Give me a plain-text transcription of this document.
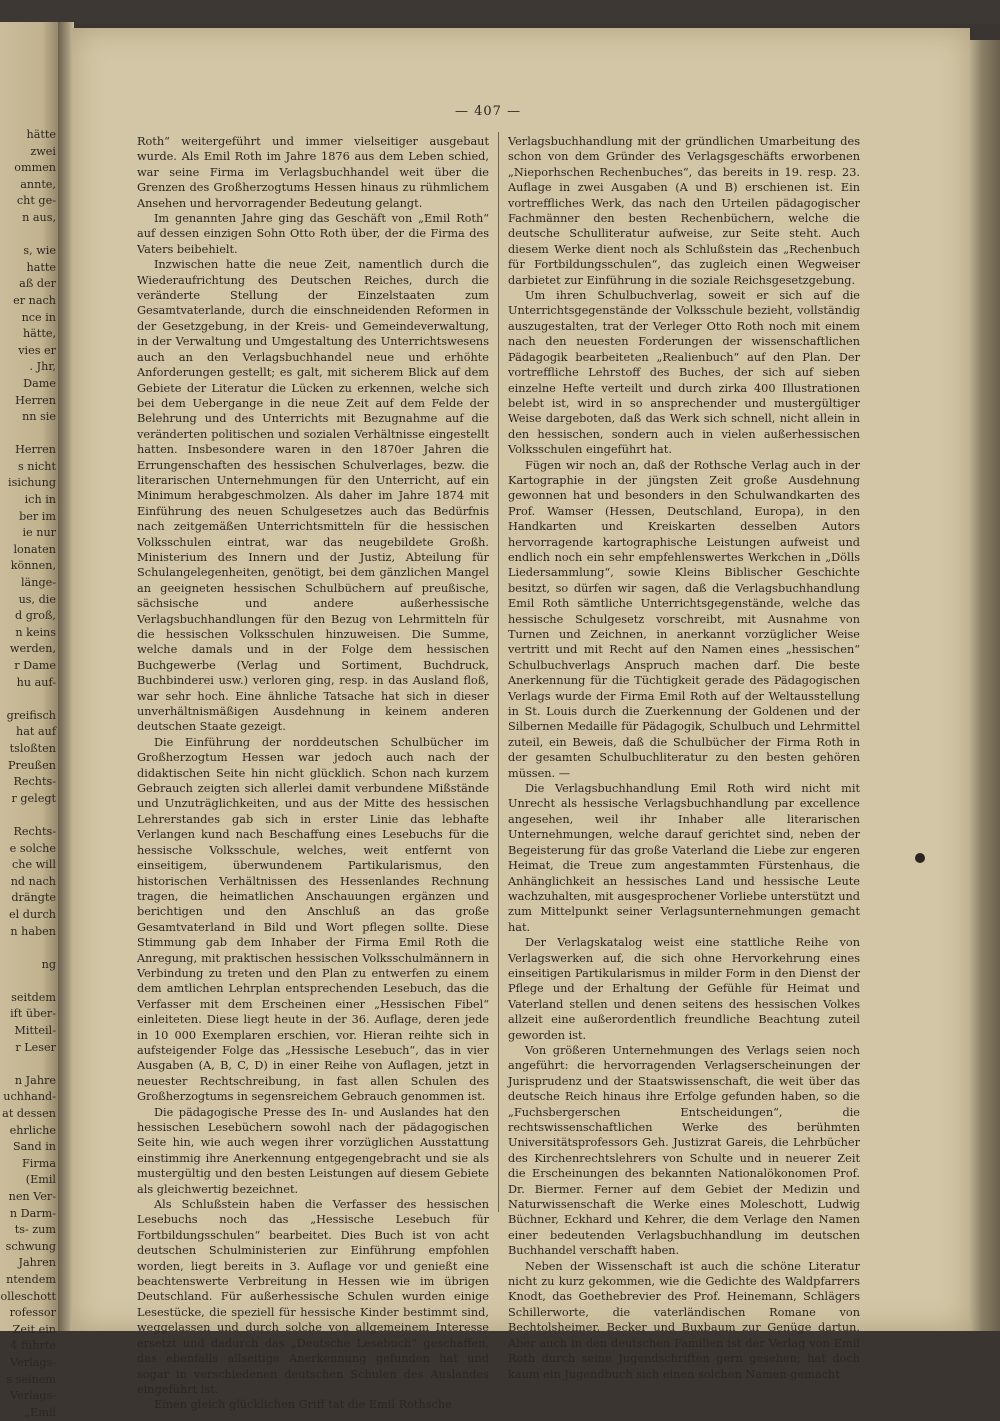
hätte
zwei
ommen
annte,
cht ge-
n aus,
s, wie
hatte
aß der
er nach
nce in
hätte,
vies er
. Jhr,
Dame
Herren
nn sie
Herren
s nicht
isichung
ich in
ber im
ie nur
lonaten
können,
länge-
us, die
d groß,
n keins
werden,
r Dame
hu auf-
greifisch
hat auf
tsloßten
Preußen
Rechts-
r gelegt
Rechts-
e solche
che will
nd nach
drängte
el durch
n haben
ng
seitdem
ift über-
Mitteil-
r Leser
n Jahre
uchhand-
at dessen
ehrliche
Sand in
Firma
(Emil
nen Ver-
n Darm-
ts- zum
schwung
Jahren
ntendem
olleschott
rofessor
Zeit ein
4 führte
Verlags-
s seinem
Verlags-
„Emil
— 407 —

Roth“ weitergeführt und immer vielseitiger ausgebaut wurde. Als Emil Roth im Jahre 1876 aus dem Leben schied, war seine Firma im Verlagsbuchhandel weit über die Grenzen des Großherzogtums Hessen hinaus zu rühmlichem Ansehen und hervorragender Bedeutung gelangt.

Im genannten Jahre ging das Geschäft von „Emil Roth“ auf dessen einzigen Sohn Otto Roth über, der die Firma des Vaters beibehielt.

Inzwischen hatte die neue Zeit, namentlich durch die Wiederaufrichtung des Deutschen Reiches, durch die veränderte Stellung der Einzelstaaten zum Gesamtvaterlande, durch die einschneidenden Reformen in der Gesetzgebung, in der Kreis- und Gemeindeverwaltung, in der Verwaltung und Umgestaltung des Unterrichtswesens auch an den Verlagsbuchhandel neue und erhöhte Anforderungen gestellt; es galt, mit sicherem Blick auf dem Gebiete der Literatur die Lücken zu erkennen, welche sich bei dem Uebergange in die neue Zeit auf dem Felde der Belehrung und des Unterrichts mit Bezugnahme auf die veränderten politischen und sozialen Verhältnisse eingestellt hatten. Insbesondere waren in den 1870er Jahren die Errungenschaften des hessischen Schulverlages, bezw. die literarischen Unternehmungen für den Unterricht, auf ein Minimum herabgeschmolzen. Als daher im Jahre 1874 mit Einführung des neuen Schulgesetzes auch das Bedürfnis nach zeitgemäßen Unterrichtsmitteln für die hessischen Volksschulen eintrat, war das neugebildete Großh. Ministerium des Innern und der Justiz, Abteilung für Schulangelegenheiten, genötigt, bei dem gänzlichen Mangel an geeigneten hessischen Schulbüchern auf preußische, sächsische und andere außerhessische Verlagsbuchhandlungen für den Bezug von Lehrmitteln für die hessischen Volksschulen hinzuweisen. Die Summe, welche damals und in der Folge dem hessischen Buchgewerbe (Verlag und Sortiment, Buchdruck, Buchbinderei usw.) verloren ging, resp. in das Ausland floß, war sehr hoch. Eine ähnliche Tatsache hat sich in dieser unverhältnismäßigen Ausdehnung in keinem anderen deutschen Staate gezeigt.

Die Einführung der norddeutschen Schulbücher im Großherzogtum Hessen war jedoch auch nach der didaktischen Seite hin nicht glücklich. Schon nach kurzem Gebrauch zeigten sich allerlei damit verbundene Mißstände und Unzuträglichkeiten, und aus der Mitte des hessischen Lehrerstandes gab sich in erster Linie das lebhafte Verlangen kund nach Beschaffung eines Lesebuchs für die hessische Volksschule, welches, weit entfernt von einseitigem, überwundenem Partikularismus, den historischen Verhältnissen des Hessenlandes Rechnung tragen, die heimatlichen Anschauungen ergänzen und berichtigen und den Anschluß an das große Gesamtvaterland in Bild und Wort pflegen sollte. Diese Stimmung gab dem Inhaber der Firma Emil Roth die Anregung, mit praktischen hessischen Volksschulmännern in Verbindung zu treten und den Plan zu entwerfen zu einem dem amtlichen Lehrplan entsprechenden Lesebuch, das die Verfasser mit dem Erscheinen einer „Hessischen Fibel“ einleiteten. Diese liegt heute in der 36. Auflage, deren jede in 10 000 Exemplaren erschien, vor. Hieran reihte sich in aufsteigender Folge das „Hessische Lesebuch“, das in vier Ausgaben (A, B, C, D) in einer Reihe von Auflagen, jetzt in neuester Rechtschreibung, in fast allen Schulen des Großherzogtums in segensreichem Gebrauch genommen ist.

Die pädagogische Presse des In- und Auslandes hat den hessischen Lesebüchern sowohl nach der pädagogischen Seite hin, wie auch wegen ihrer vorzüglichen Ausstattung einstimmig ihre Anerkennung entgegengebracht und sie als mustergültig und den besten Leistungen auf diesem Gebiete als gleichwertig bezeichnet.

Als Schlußstein haben die Verfasser des hessischen Lesebuchs noch das „Hessische Lesebuch für Fortbildungsschulen“ bearbeitet. Dies Buch ist von acht deutschen Schulministerien zur Einführung empfohlen worden, liegt bereits in 3. Auflage vor und genießt eine beachtenswerte Verbreitung in Hessen wie im übrigen Deutschland. Für außerhessische Schulen wurden einige Lesestücke, die speziell für hessische Kinder bestimmt sind, weggelassen und durch solche von allgemeinem Interesse ersetzt und dadurch das „Deutsche Lesebuch“ geschaffen, das ebenfalls allseitige Anerkennung gefunden hat und sogar in verschiedenen deutschen Schulen des Auslandes eingeführt ist.

Einen gleich glücklichen Griff tat die Emil Rothsche

Verlagsbuchhandlung mit der gründlichen Umarbeitung des schon von dem Gründer des Verlagsgeschäfts erworbenen „Nieporhschen Rechenbuches“, das bereits in 19. resp. 23. Auflage in zwei Ausgaben (A und B) erschienen ist. Ein vortreffliches Werk, das nach den Urteilen pädagogischer Fachmänner den besten Rechenbüchern, welche die deutsche Schulliteratur aufweise, zur Seite steht. Auch diesem Werke dient noch als Schlußstein das „Rechenbuch für Fortbildungsschulen“, das zugleich einen Wegweiser darbietet zur Einführung in die soziale Reichsgesetzgebung.

Um ihren Schulbuchverlag, soweit er sich auf die Unterrichtsgegenstände der Volksschule bezieht, vollständig auszugestalten, trat der Verleger Otto Roth noch mit einem nach den neuesten Forderungen der wissenschaftlichen Pädagogik bearbeiteten „Realienbuch“ auf den Plan. Der vortreffliche Lehrstoff des Buches, der sich auf sieben einzelne Hefte verteilt und durch zirka 400 Illustrationen belebt ist, wird in so ansprechender und mustergültiger Weise dargeboten, daß das Werk sich schnell, nicht allein in den hessischen, sondern auch in vielen außerhessischen Volksschulen eingeführt hat.

Fügen wir noch an, daß der Rothsche Verlag auch in der Kartographie in der jüngsten Zeit große Ausdehnung gewonnen hat und besonders in den Schulwandkarten des Prof. Wamser (Hessen, Deutschland, Europa), in den Handkarten und Kreiskarten desselben Autors hervorragende kartographische Leistungen aufweist und endlich noch ein sehr empfehlenswertes Werkchen in „Dölls Liedersammlung“, sowie Kleins Biblischer Geschichte besitzt, so dürfen wir sagen, daß die Verlagsbuchhandlung Emil Roth sämtliche Unterrichtsgegenstände, welche das hessische Schulgesetz vorschreibt, mit Ausnahme von Turnen und Zeichnen, in anerkannt vorzüglicher Weise vertritt und mit Recht auf den Namen eines „hessischen“ Schulbuchverlags Anspruch machen darf. Die beste Anerkennung für die Tüchtigkeit gerade des Pädagogischen Verlags wurde der Firma Emil Roth auf der Weltausstellung in St. Louis durch die Zuerkennung der Goldenen und der Silbernen Medaille für Pädagogik, Schulbuch und Lehrmittel zuteil, ein Beweis, daß die Schulbücher der Firma Roth in der gesamten Schulbuchliteratur zu den besten gehören müssen. —

Die Verlagsbuchhandlung Emil Roth wird nicht mit Unrecht als hessische Verlagsbuchhandlung par excellence angesehen, weil ihr Inhaber alle literarischen Unternehmungen, welche darauf gerichtet sind, neben der Begeisterung für das große Vaterland die Liebe zur engeren Heimat, die Treue zum angestammten Fürstenhaus, die Anhänglichkeit an hessisches Land und hessische Leute wachzuhalten, mit ausgesprochener Vorliebe unterstützt und zum Mittelpunkt seiner Verlagsunternehmungen gemacht hat.

Der Verlagskatalog weist eine stattliche Reihe von Verlagswerken auf, die sich ohne Hervorkehrung eines einseitigen Partikularismus in milder Form in den Dienst der Pflege und der Erhaltung der Gefühle für Heimat und Vaterland stellen und denen seitens des hessischen Volkes allzeit eine außerordentlich freundliche Beachtung zuteil geworden ist.

Von größeren Unternehmungen des Verlags seien noch angeführt: die hervorragenden Verlagserscheinungen der Jurisprudenz und der Staatswissenschaft, die weit über das deutsche Reich hinaus ihre Erfolge gefunden haben, so die „Fuchsbergerschen Entscheidungen“, die rechtswissenschaftlichen Werke des berühmten Universitätsprofessors Geh. Justizrat Gareis, die Lehrbücher des Kirchenrechtslehrers von Schulte und in neuerer Zeit die Erscheinungen des bekannten Nationalökonomen Prof. Dr. Biermer. Ferner auf dem Gebiet der Medizin und Naturwissenschaft die Werke eines Moleschott, Ludwig Büchner, Eckhard und Kehrer, die dem Verlage den Namen einer bedeutenden Verlagsbuchhandlung im deutschen Buchhandel verschafft haben.

Neben der Wissenschaft ist auch die schöne Literatur nicht zu kurz gekommen, wie die Gedichte des Waldpfarrers Knodt, das Goethebrevier des Prof. Heinemann, Schlägers Schillerworte, die vaterländischen Romane von Bechtolsheimer, Becker und Buxbaum zur Genüge dartun. Aber auch in den deutschen Familien ist der Verlag von Emil Roth durch seine Jugendschriften gern gesehen; hat doch kaum ein Jugendbuch sich einen solchen Namen gemacht
